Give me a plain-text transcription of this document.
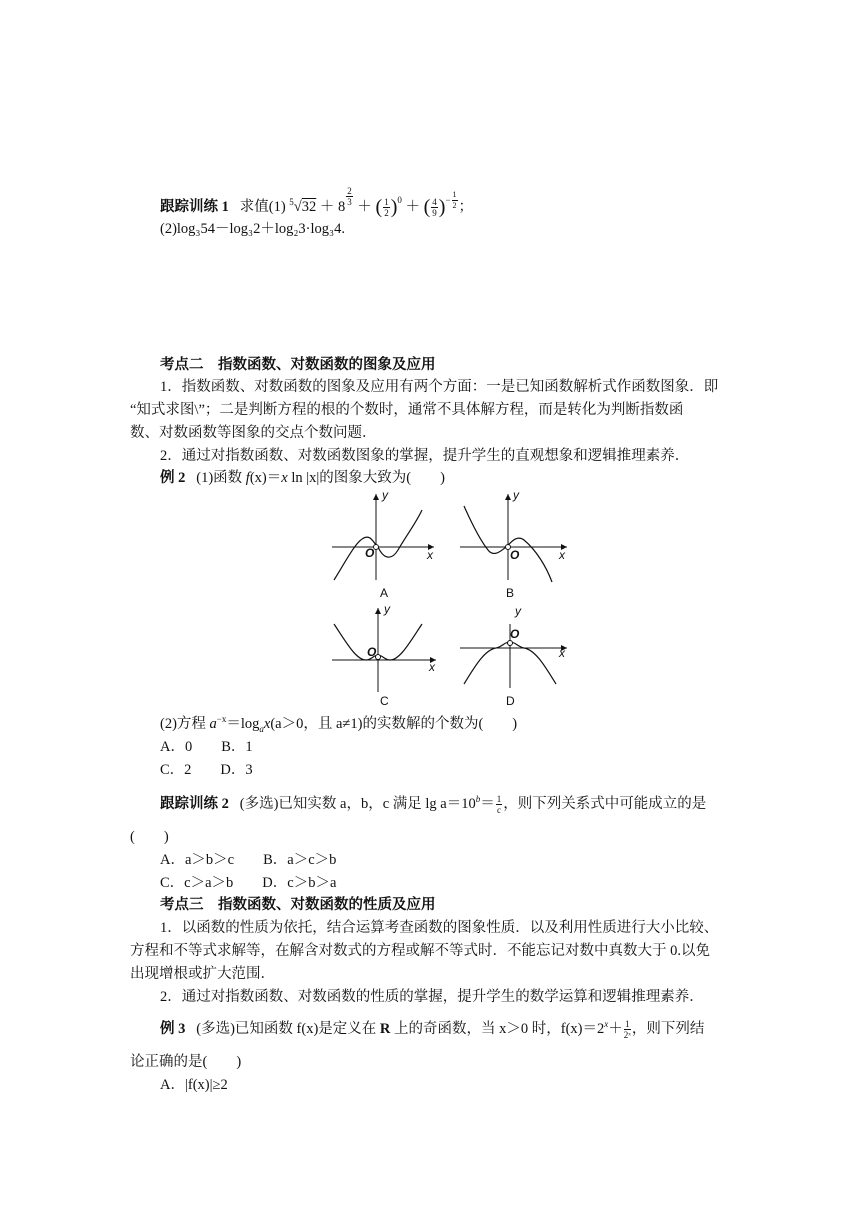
跟踪训练 1 求值(1) $^5√32 + 8 \frac{2}{3}$ ＋ ( $\frac{1}{2} )^0$ ＋ ( $\frac{4}{9} )^{- \frac{1}{2}}$ ；
(2)log₃54－log₃2＋log₂3·log₃4.
考点二　指数函数、对数函数的图象及应用
1．指数函数、对数函数的图象及应用有两个方面：一是已知函数解析式作函数图象．即
“知式求图\”；二是判断方程的根的个数时，通常不具体解方程，而是转化为判断指数函
数、对数函数等图象的交点个数问题．
2．通过对指数函数、对数函数图象的掌握，提升学生的直观想象和逻辑推理素养．
例 2 (1)函数 f(x)＝x ln |x|的图象大致为(　　)
y
x
O
A
y
x
O
B
y
x
O
C
O
x
y
D
(2)方程 $a^{-x}=\log_ax(a>0$，且 a≠1)的实数解的个数为(　　)
A．0　　B．1
C．2　　D．3
跟踪训练 2 (多选)已知实数 a，b，c 满足 $\lg a=10^b= \frac{1}{c}$ ，则下列关系式中可能成立的是
(　　)
A．a＞b＞c　　B．a＞c＞b
C．c＞a＞b　　D．c＞b＞a
考点三　指数函数、对数函数的性质及应用
1．以函数的性质为依托，结合运算考查函数的图象性质．以及利用性质进行大小比较、
方程和不等式求解等，在解含对数式的方程或解不等式时．不能忘记对数中真数大于 0.以免
出现增根或扩大范围．
2．通过对指数函数、对数函数的性质的掌握，提升学生的数学运算和逻辑推理素养．
例 3 (多选)已知函数 f(x)是定义在 R 上的奇函数，当 x＞0 时，$f(x)=2^x+ \frac{1}{\text{2ˣ}}$ ，则下列结
论正确的是(　　)
A．|f(x)|≥2
